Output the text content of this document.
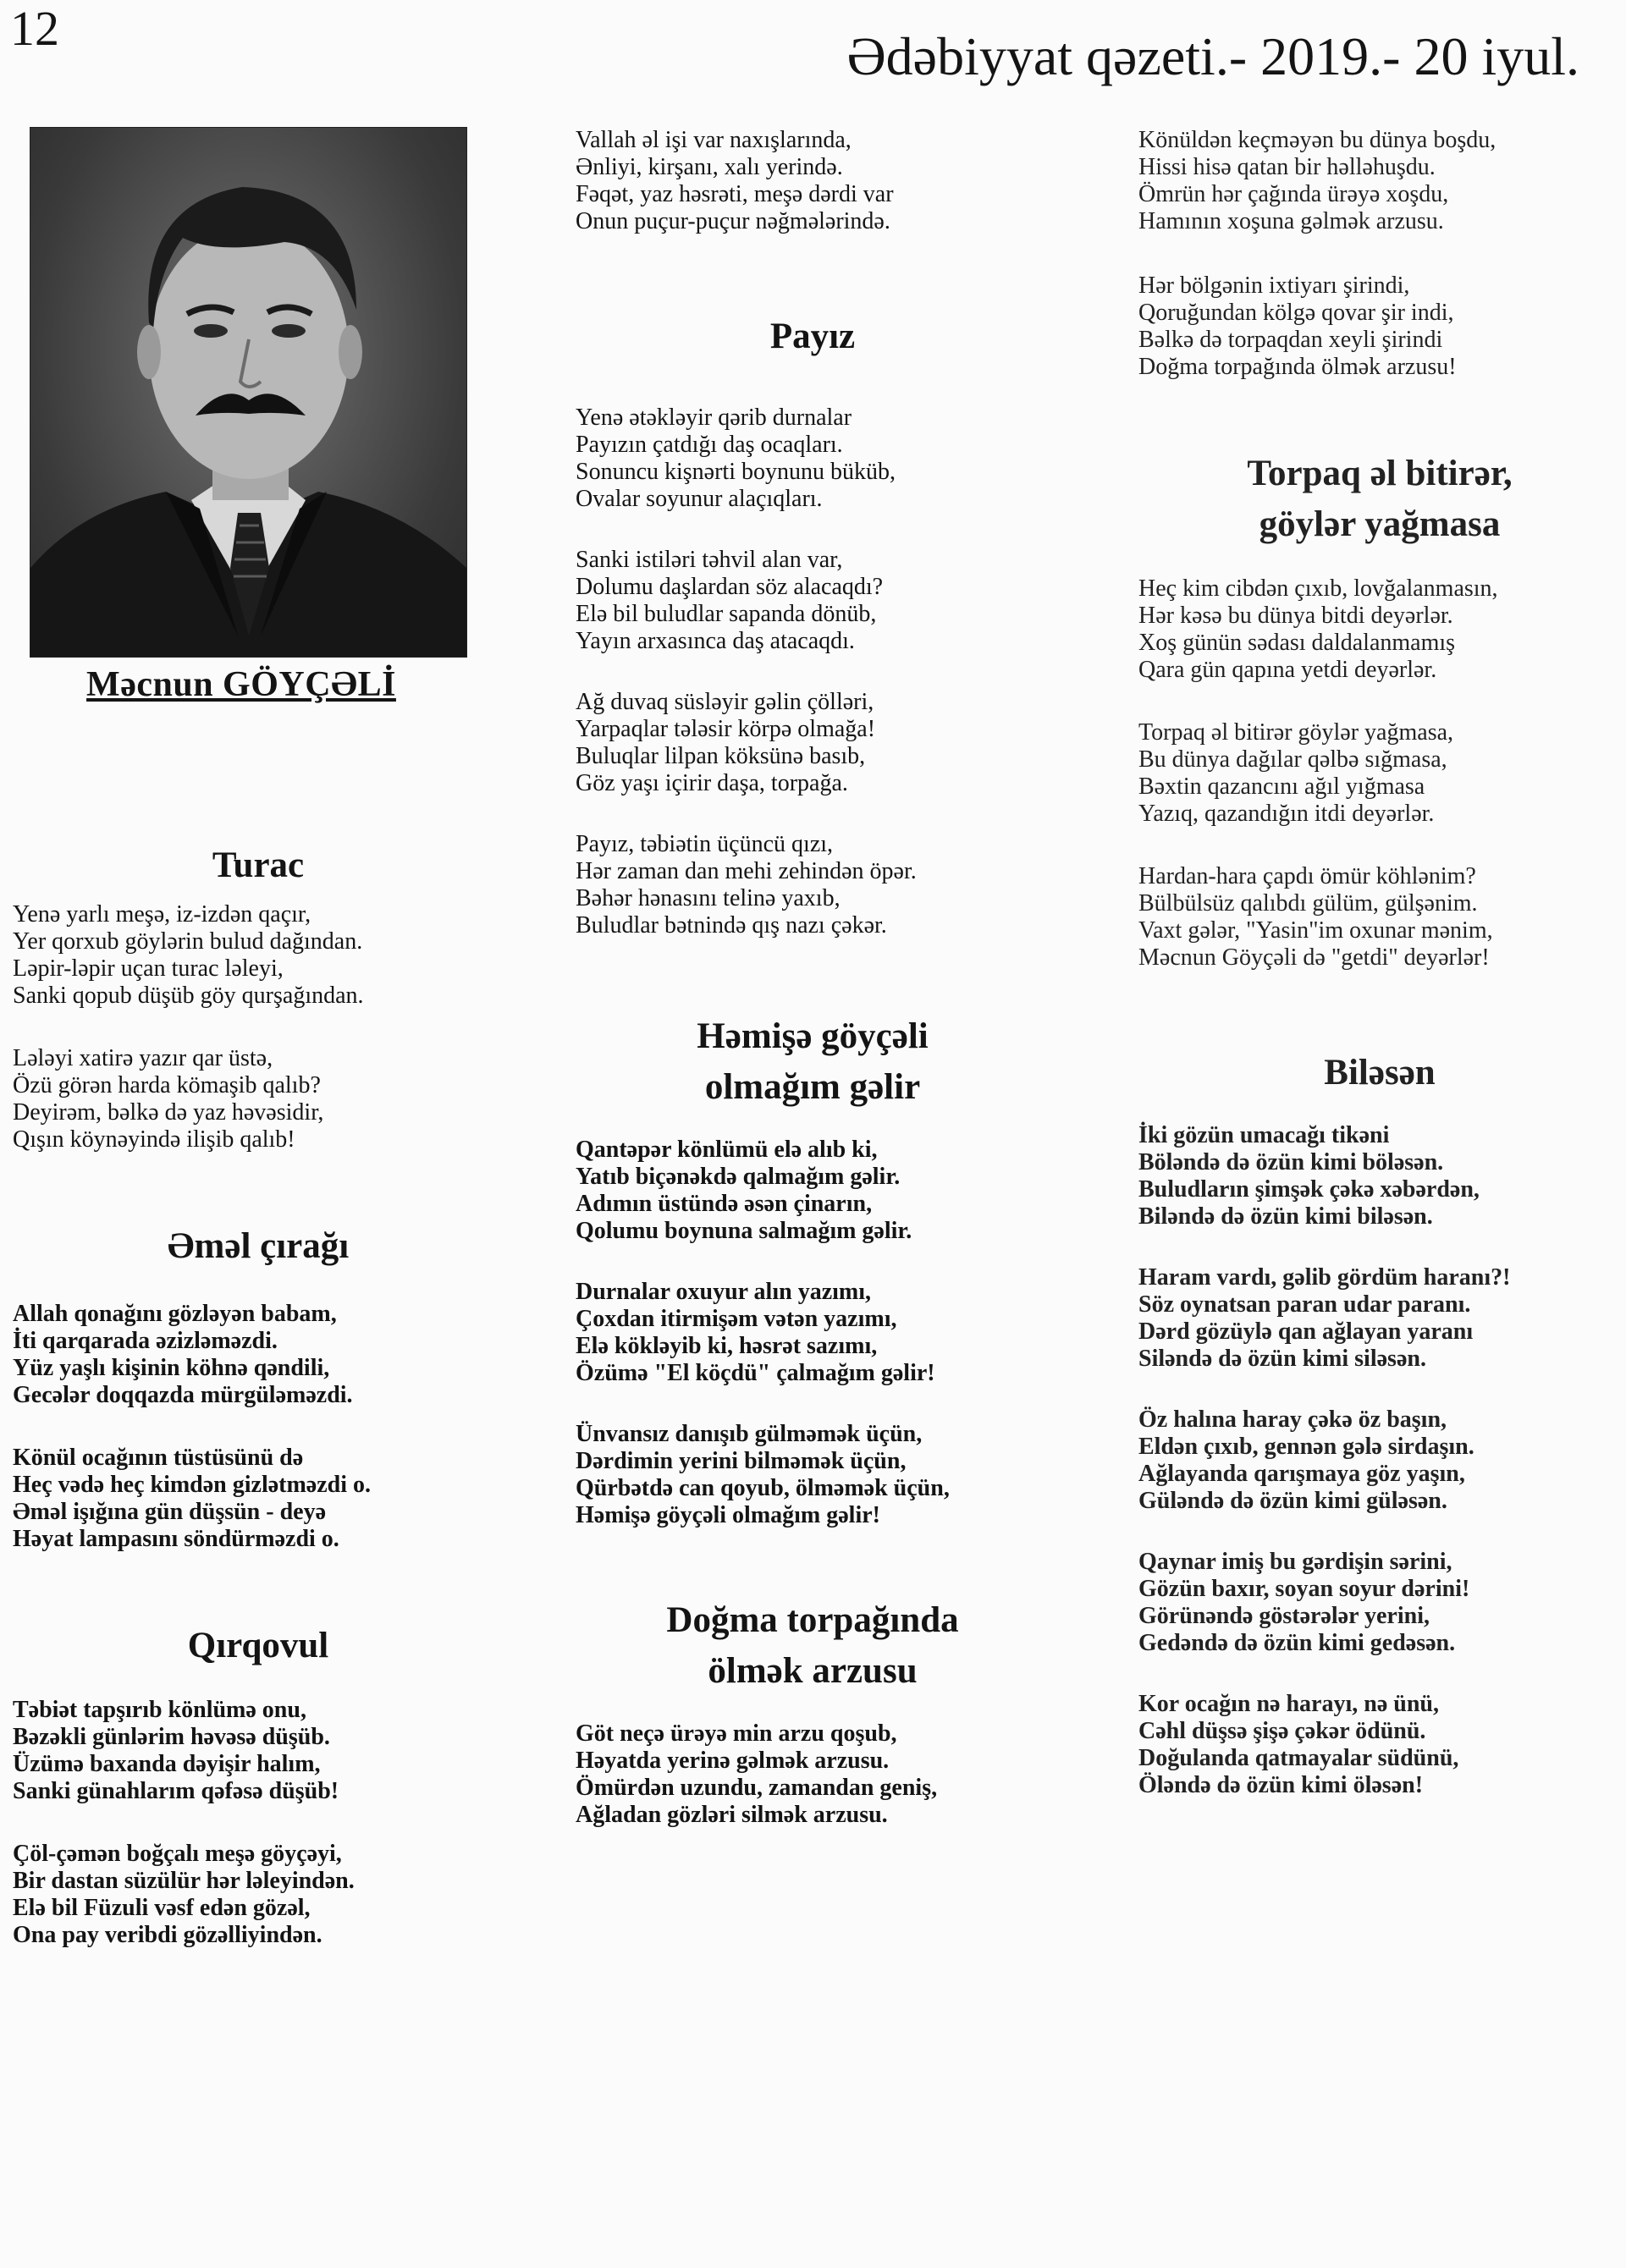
12	Ədəbiyyat qəzeti.- 2019.- 20 iyul.
Məcnun GÖYÇƏLİ
Turac
Yenə yarlı meşə, iz-izdən qaçır,
Yer qorxub göylərin bulud dağından.
Ləpir-ləpir uçan turac ləleyi,
Sanki qopub düşüb göy qurşağından.
Lələyi xatirə yazır qar üstə,
Özü görən harda kömaşib qalıb?
Deyirəm, bəlkə də yaz həvəsidir,
Qışın köynəyində ilişib qalıb!
Əməl çırağı
Allah qonağını gözləyən babam,
İti qarqarada əzizləməzdi.
Yüz yaşlı kişinin köhnə qəndili,
Gecələr doqqazda mürgüləməzdi.
Könül ocağının tüstüsünü də
Heç vədə heç kimdən gizlətməzdi o.
Əməl işığına gün düşsün - deyə
Həyat lampasını söndürməzdi o.
Qırqovul
Təbiət tapşırıb könlümə onu,
Bəzəkli günlərim həvəsə düşüb.
Üzümə baxanda dəyişir halım,
Sanki günahlarım qəfəsə düşüb!
Çöl-çəmən boğçalı meşə göyçəyi,
Bir dastan süzülür hər ləleyindən.
Elə bil Füzuli vəsf edən gözəl,
Ona pay veribdi gözəlliyindən.
Vallah əl işi var naxışlarında,
Ənliyi, kirşanı, xalı yerində.
Fəqət, yaz həsrəti, meşə dərdi var
Onun puçur-puçur nəğmələrində.
Payız
Yenə ətəkləyir qərib durnalar
Payızın çatdığı daş ocaqları.
Sonuncu kişnərti boynunu büküb,
Ovalar soyunur alaçıqları.
Sanki istiləri təhvil alan var,
Dolumu daşlardan söz alacaqdı?
Elə bil buludlar sapanda dönüb,
Yayın arxasınca daş atacaqdı.
Ağ duvaq süsləyir gəlin çölləri,
Yarpaqlar tələsir körpə olmağa!
Buluqlar lilpan köksünə basıb,
Göz yaşı içirir daşa, torpağa.
Payız, təbiətin üçüncü qızı,
Hər zaman dan mehi zehindən öpər.
Bəhər hənasını telinə yaxıb,
Buludlar bətnində qış nazı çəkər.
Həmişə göyçəli
olmağım gəlir
Qantəpər könlümü elə alıb ki,
Yatıb biçənəkdə qalmağım gəlir.
Adımın üstündə əsən çinarın,
Qolumu boynuna salmağım gəlir.
Durnalar oxuyur alın yazımı,
Çoxdan itirmişəm vətən yazımı,
Elə kökləyib ki, həsrət sazımı,
Özümə "El köçdü" çalmağım gəlir!
Ünvansız danışıb gülməmək üçün,
Dərdimin yerini bilməmək üçün,
Qürbətdə can qoyub, ölməmək üçün,
Həmişə göyçəli olmağım gəlir!
Doğma torpağında
ölmək arzusu
Göt neçə ürəyə min arzu qoşub,
Həyatda yerinə gəlmək arzusu.
Ömürdən uzundu, zamandan geniş,
Ağladan gözləri silmək arzusu.
Könüldən keçməyən bu dünya boşdu,
Hissi hisə qatan bir həlləhuşdu.
Ömrün hər çağında ürəyə xoşdu,
Hamının xoşuna gəlmək arzusu.
Hər bölgənin ixtiyarı şirindi,
Qoruğundan kölgə qovar şir indi,
Bəlkə də torpaqdan xeyli şirindi
Doğma torpağında ölmək arzusu!
Torpaq əl bitirər,
göylər yağmasa
Heç kim cibdən çıxıb, lovğalanmasın,
Hər kəsə bu dünya bitdi deyərlər.
Xoş günün sədası daldalanmamış
Qara gün qapına yetdi deyərlər.
Torpaq əl bitirər göylər yağmasa,
Bu dünya dağılar qəlbə sığmasa,
Bəxtin qazancını ağıl yığmasa
Yazıq, qazandığın itdi deyərlər.
Hardan-hara çapdı ömür köhlənim?
Bülbülsüz qalıbdı gülüm, gülşənim.
Vaxt gələr, "Yasin"im oxunar mənim,
Məcnun Göyçəli də "getdi" deyərlər!
Biləsən
İki gözün umacağı tikəni
Böləndə də özün kimi böləsən.
Buludların şimşək çəkə xəbərdən,
Biləndə də özün kimi biləsən.
Haram vardı, gəlib gördüm haranı?!
Söz oynatsan paran udar paranı.
Dərd gözüylə qan ağlayan yaranı
Siləndə də özün kimi siləsən.
Öz halına haray çəkə öz başın,
Eldən çıxıb, gennən gələ sirdaşın.
Ağlayanda qarışmaya göz yaşın,
Güləndə də özün kimi güləsən.
Qaynar imiş bu gərdişin sərini,
Gözün baxır, soyan soyur dərini!
Görünəndə göstərələr yerini,
Gedəndə də özün kimi gedəsən.
Kor ocağın nə harayı, nə ünü,
Cəhl düşsə şişə çəkər ödünü.
Doğulanda qatmayalar südünü,
Öləndə də özün kimi öləsən!
